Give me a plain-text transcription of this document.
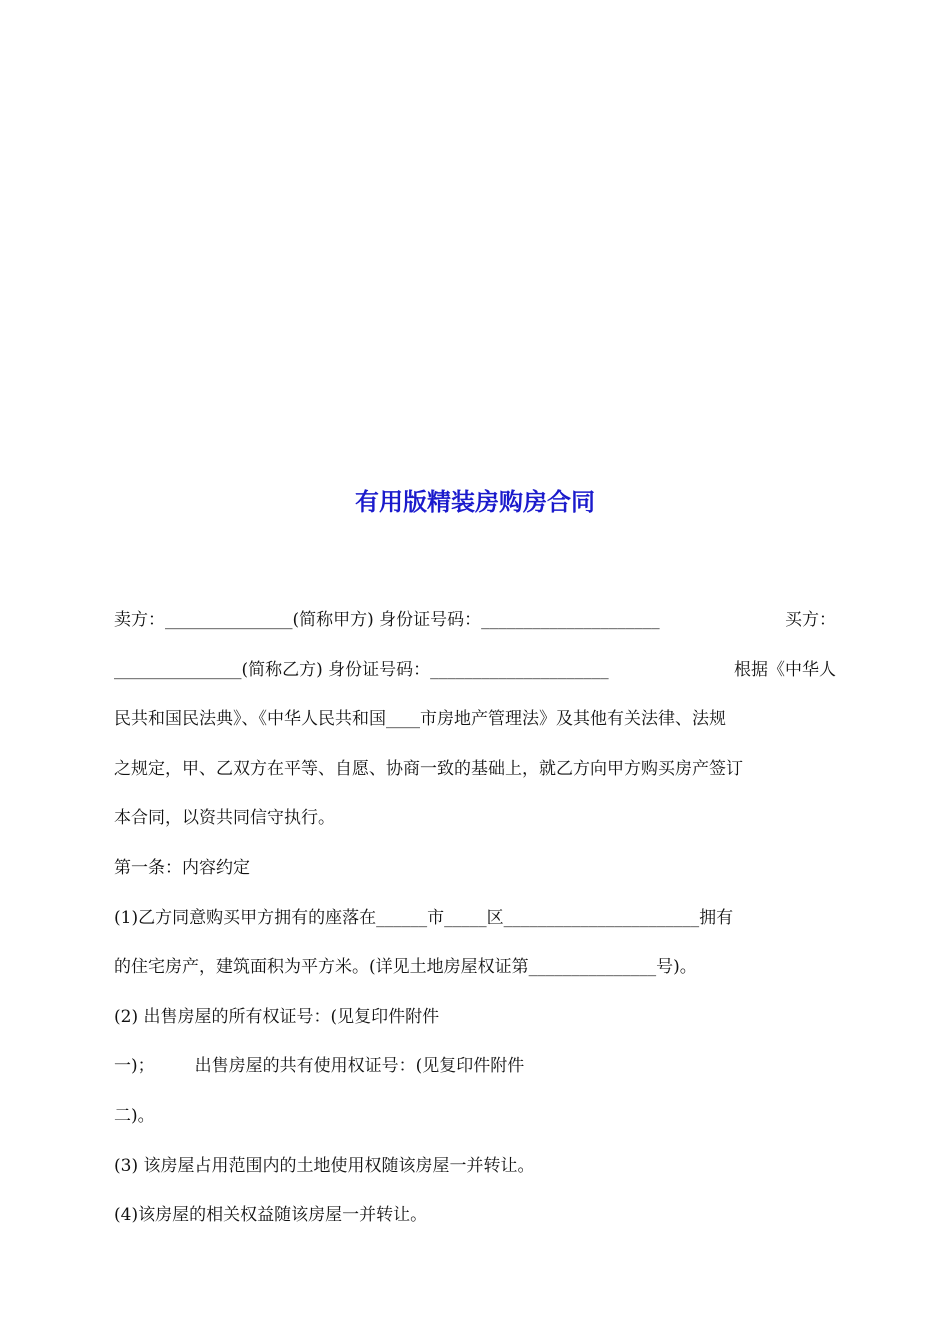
有用版精装房购房合同
卖方：_______________(简称甲方) 身份证号码：_____________________	买方：
_______________(简称乙方) 身份证号码：_____________________	根据《中华人
民共和国民法典》、《中华人民共和国____市房地产管理法》及其他有关法律、法规
之规定，甲、乙双方在平等、自愿、协商一致的基础上，就乙方向甲方购买房产签订
本合同，以资共同信守执行。
第一条：内容约定
(1)乙方同意购买甲方拥有的座落在______市_____区_______________________拥有
的住宅房产，建筑面积为平方米。(详见土地房屋权证第_______________号)。
(2) 出售房屋的所有权证号：(见复印件附件
一)； 出售房屋的共有使用权证号：(见复印件附件
二)。
(3) 该房屋占用范围内的土地使用权随该房屋一并转让。
(4)该房屋的相关权益随该房屋一并转让。
